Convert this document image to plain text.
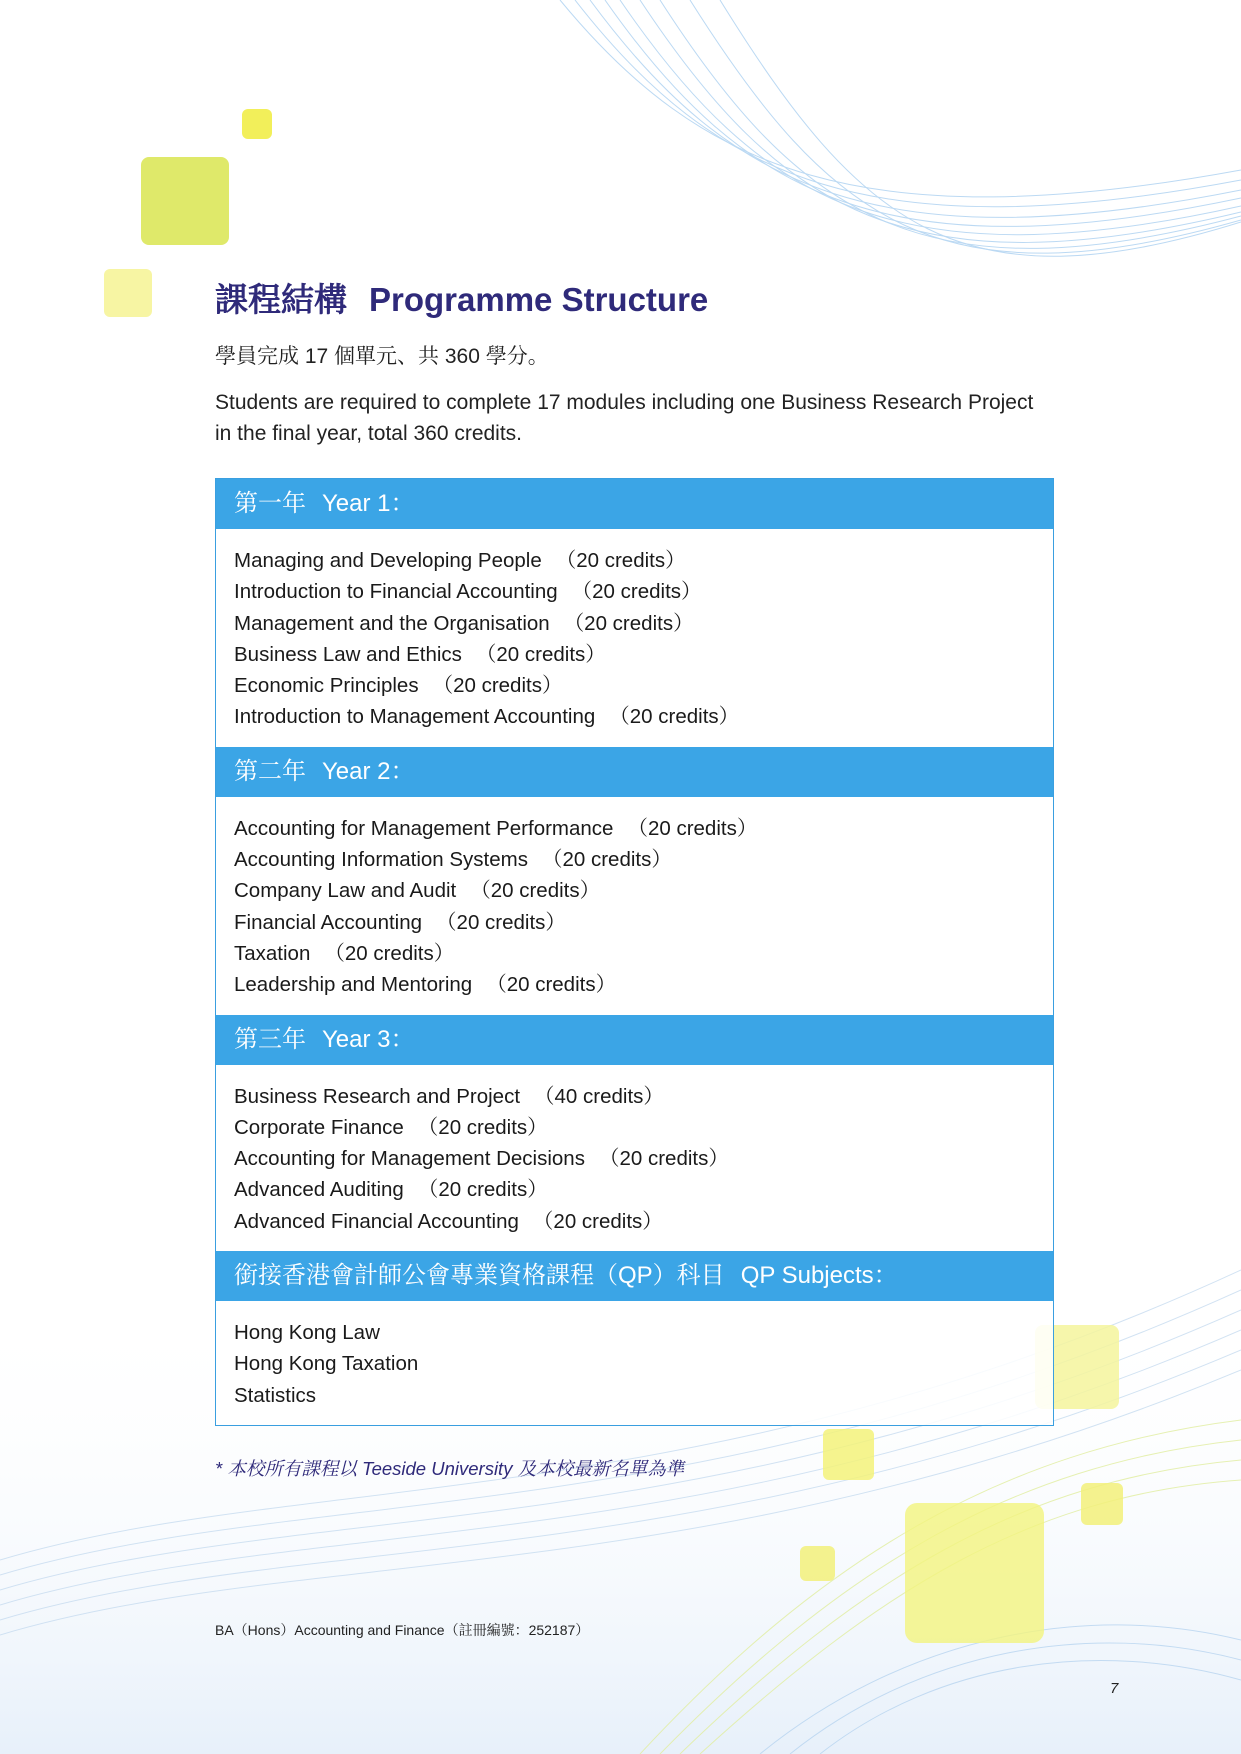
課程結構 Programme Structure
學員完成 17 個單元、共 360 學分。
Students are required to complete 17 modules including one Business Research Project in the final year, total 360 credits.
第一年 Year 1：
Managing and Developing People （20 credits）
Introduction to Financial Accounting （20 credits）
Management and the Organisation （20 credits）
Business Law and Ethics （20 credits）
Economic Principles （20 credits）
Introduction to Management Accounting （20 credits）
第二年 Year 2：
Accounting for Management Performance （20 credits）
Accounting Information Systems （20 credits）
Company Law and Audit （20 credits）
Financial Accounting （20 credits）
Taxation （20 credits）
Leadership and Mentoring （20 credits）
第三年 Year 3：
Business Research and Project （40 credits）
Corporate Finance （20 credits）
Accounting for Management Decisions （20 credits）
Advanced Auditing （20 credits）
Advanced Financial Accounting （20 credits）
銜接香港會計師公會專業資格課程（QP）科目 QP Subjects：
Hong Kong Law
Hong Kong Taxation
Statistics
* 本校所有課程以 Teeside University 及本校最新名單為準
BA（Hons）Accounting and Finance（註冊編號：252187）
7
